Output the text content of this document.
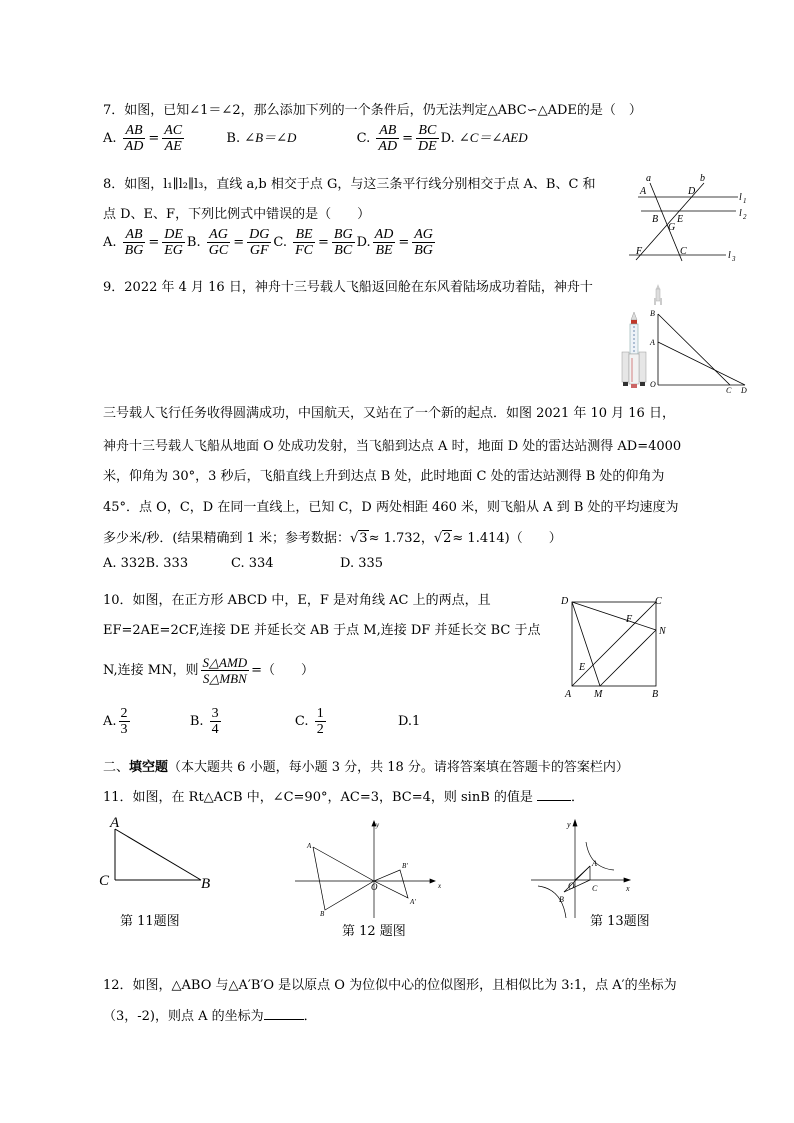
7．如图，已知∠1＝∠2，那么添加下列的一个条件后，仍无法判定△ABC∽△ADE的是（　）
A. $\frac{AB}{AD} = \frac{AC}{AE}$	B. ∠B＝∠D	C. $\frac{AB}{AD} = \frac{BC}{DE} D$. ∠C＝∠AED
8．如图，l₁∥l₂∥l₃，直线 a,b 相交于点 G，与这三条平行线分别相交于点 A、B、C 和
点 D、E、F，下列比例式中错误的是（　　）
A. $\frac{AB}{BG} = \frac{DE}{EG} B$. $\frac{AG}{GC} = \frac{DG}{GF} C$. $\frac{BE}{FC} = \frac{BG}{BC} D$. $\frac{AD}{BE} = \frac{AG}{BG}$
a	b
A	D
l 1
l 2
B E
G
F	C	l 3
9．2022 年 4 月 16 日，神舟十三号载人飞船返回舱在东风着陆场成功着陆，神舟十
B
A
O
C D
三号载人飞行任务收得圆满成功，中国航天，又站在了一个新的起点．如图 2021 年 10 月 16 日，
神舟十三号载人飞船从地面 O 处成功发射，当飞船到达点 A 时，地面 D 处的雷达站测得 AD=4000
米，仰角为 30°，3 秒后，飞船直线上升到达点 B 处，此时地面 C 处的雷达站测得 B 处的仰角为
45°．点 O，C，D 在同一直线上，已知 C，D 两处相距 460 米，则飞船从 A 到 B 处的平均速度为
多少米/秒．(结果精确到 1 米；参考数据：√3≈ 1.732，√2≈ 1.414)（　　）
A. 332B. 333	C. 334	D. 335
10．如图，在正方形 ABCD 中，E，F 是对角线 AC 上的两点，且
EF=2AE=2CF,连接 DE 并延长交 AB 于点 M,连接 DF 并延长交 BC 于点
N,连接 MN，则 $\frac{\text{S△AMD}}{\text{S△MBN}}$ =（　　）
D	C
F
N
E
A M	B
A. $\frac{2}{3}$	B. $\frac{3}{4}$	C. $\frac{1}{2}$	D.1
二、填空题（本大题共 6 小题，每小题 3 分，共 18 分。请将答案填在答题卡的答案栏内）
11．如图，在 Rt△ACB 中，∠C=90°，AC=3，BC=4，则 sinB 的值是	．
A
C	B
第 11题图
y
A
B'
O	x
B
A'
第 12 题图
y
A
O C	x
B
第 13题图
12．如图，△ABO 与△A′B′O 是以原点 O 为位似中心的位似图形，且相似比为 3:1，点 A′的坐标为
（3，-2)，则点 A 的坐标为	．
